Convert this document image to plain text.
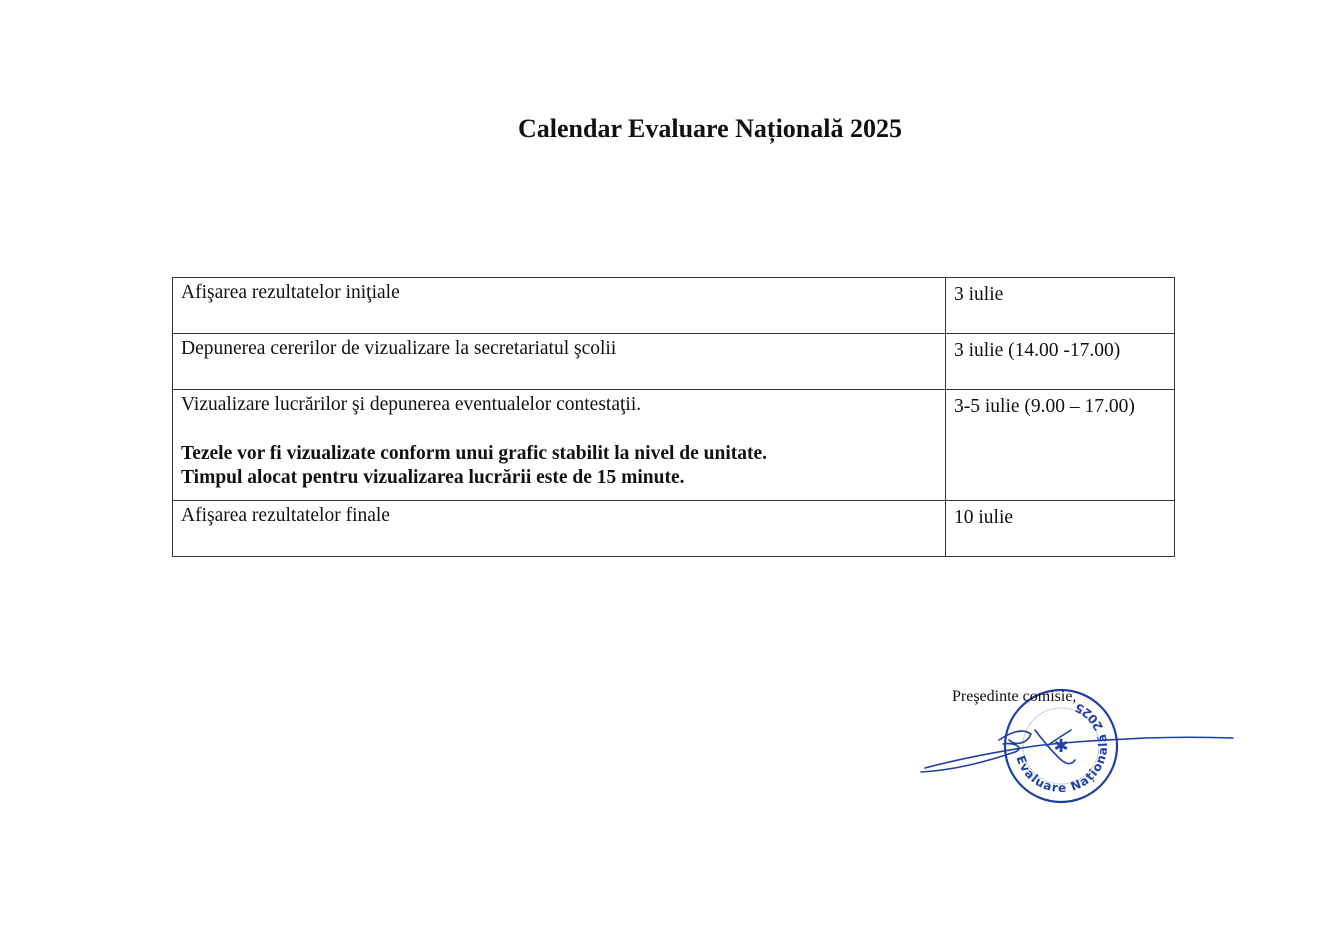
Calendar Evaluare Națională 2025
Afişarea rezultatelor iniţiale	3 iulie
Depunerea cererilor de vizualizare la secretariatul şcolii	3 iulie (14.00 -17.00)
Vizualizare lucrărilor şi depunerea eventualelor contestaţii.
Tezele vor fi vizualizate conform unui grafic stabilit la nivel de unitate.
Timpul alocat pentru vizualizarea lucrării este de 15 minute.	3-5 iulie (9.00 – 17.00)
Afişarea rezultatelor finale	10 iulie
Evaluare Națională 2025
✱
Preşedinte comisie,
